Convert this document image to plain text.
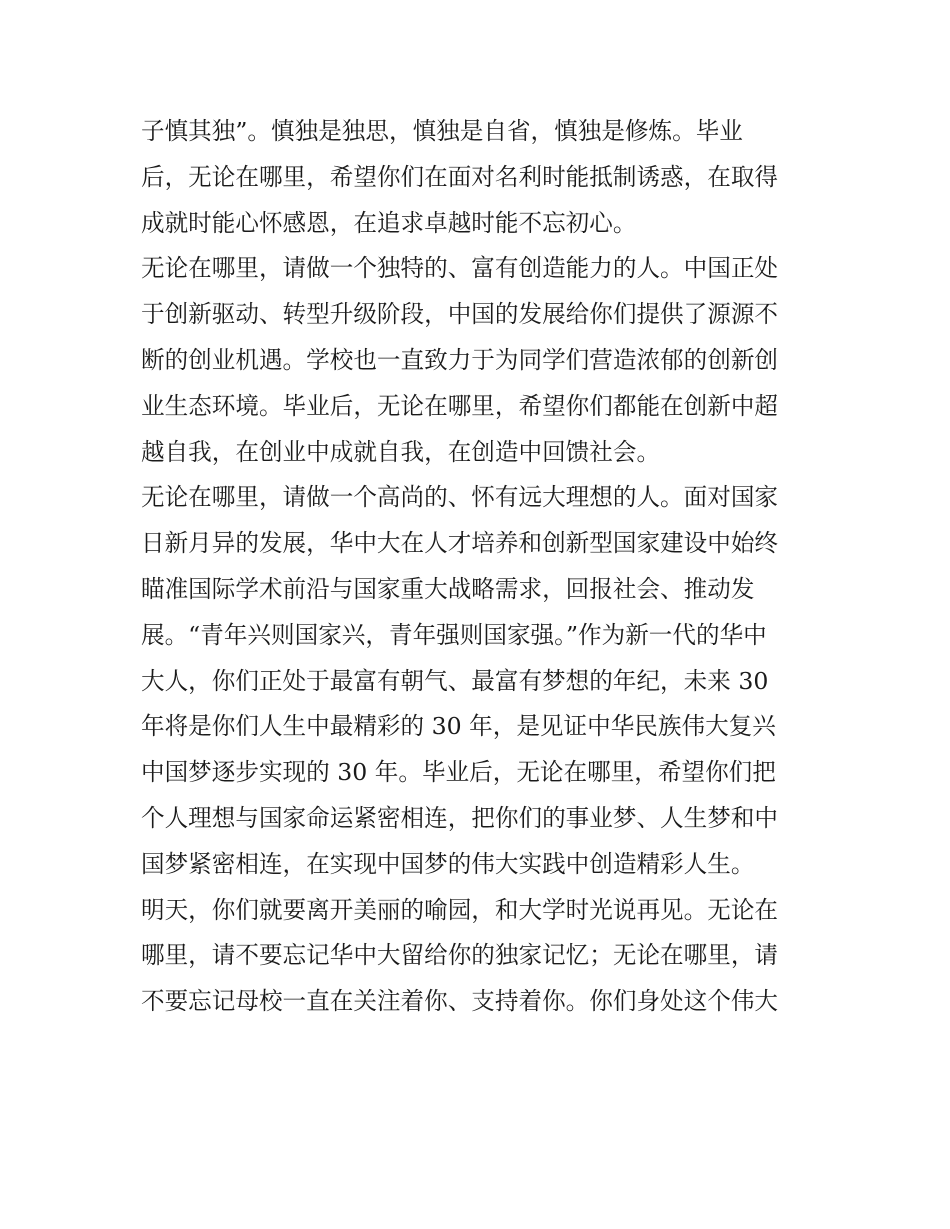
子慎其独”。慎独是独思，慎独是自省，慎独是修炼。毕业
后，无论在哪里，希望你们在面对名利时能抵制诱惑，在取得
成就时能心怀感恩，在追求卓越时能不忘初心。
无论在哪里，请做一个独特的、富有创造能力的人。中国正处
于创新驱动、转型升级阶段，中国的发展给你们提供了源源不
断的创业机遇。学校也一直致力于为同学们营造浓郁的创新创
业生态环境。毕业后，无论在哪里，希望你们都能在创新中超
越自我，在创业中成就自我，在创造中回馈社会。
无论在哪里，请做一个高尚的、怀有远大理想的人。面对国家
日新月异的发展，华中大在人才培养和创新型国家建设中始终
瞄准国际学术前沿与国家重大战略需求，回报社会、推动发
展。“青年兴则国家兴，青年强则国家强。”作为新一代的华中
大人，你们正处于最富有朝气、最富有梦想的年纪，未来 30
年将是你们人生中最精彩的 30 年，是见证中华民族伟大复兴
中国梦逐步实现的 30 年。毕业后，无论在哪里，希望你们把
个人理想与国家命运紧密相连，把你们的事业梦、人生梦和中
国梦紧密相连，在实现中国梦的伟大实践中创造精彩人生。
明天，你们就要离开美丽的喻园，和大学时光说再见。无论在
哪里，请不要忘记华中大留给你的独家记忆；无论在哪里，请
不要忘记母校一直在关注着你、支持着你。你们身处这个伟大
